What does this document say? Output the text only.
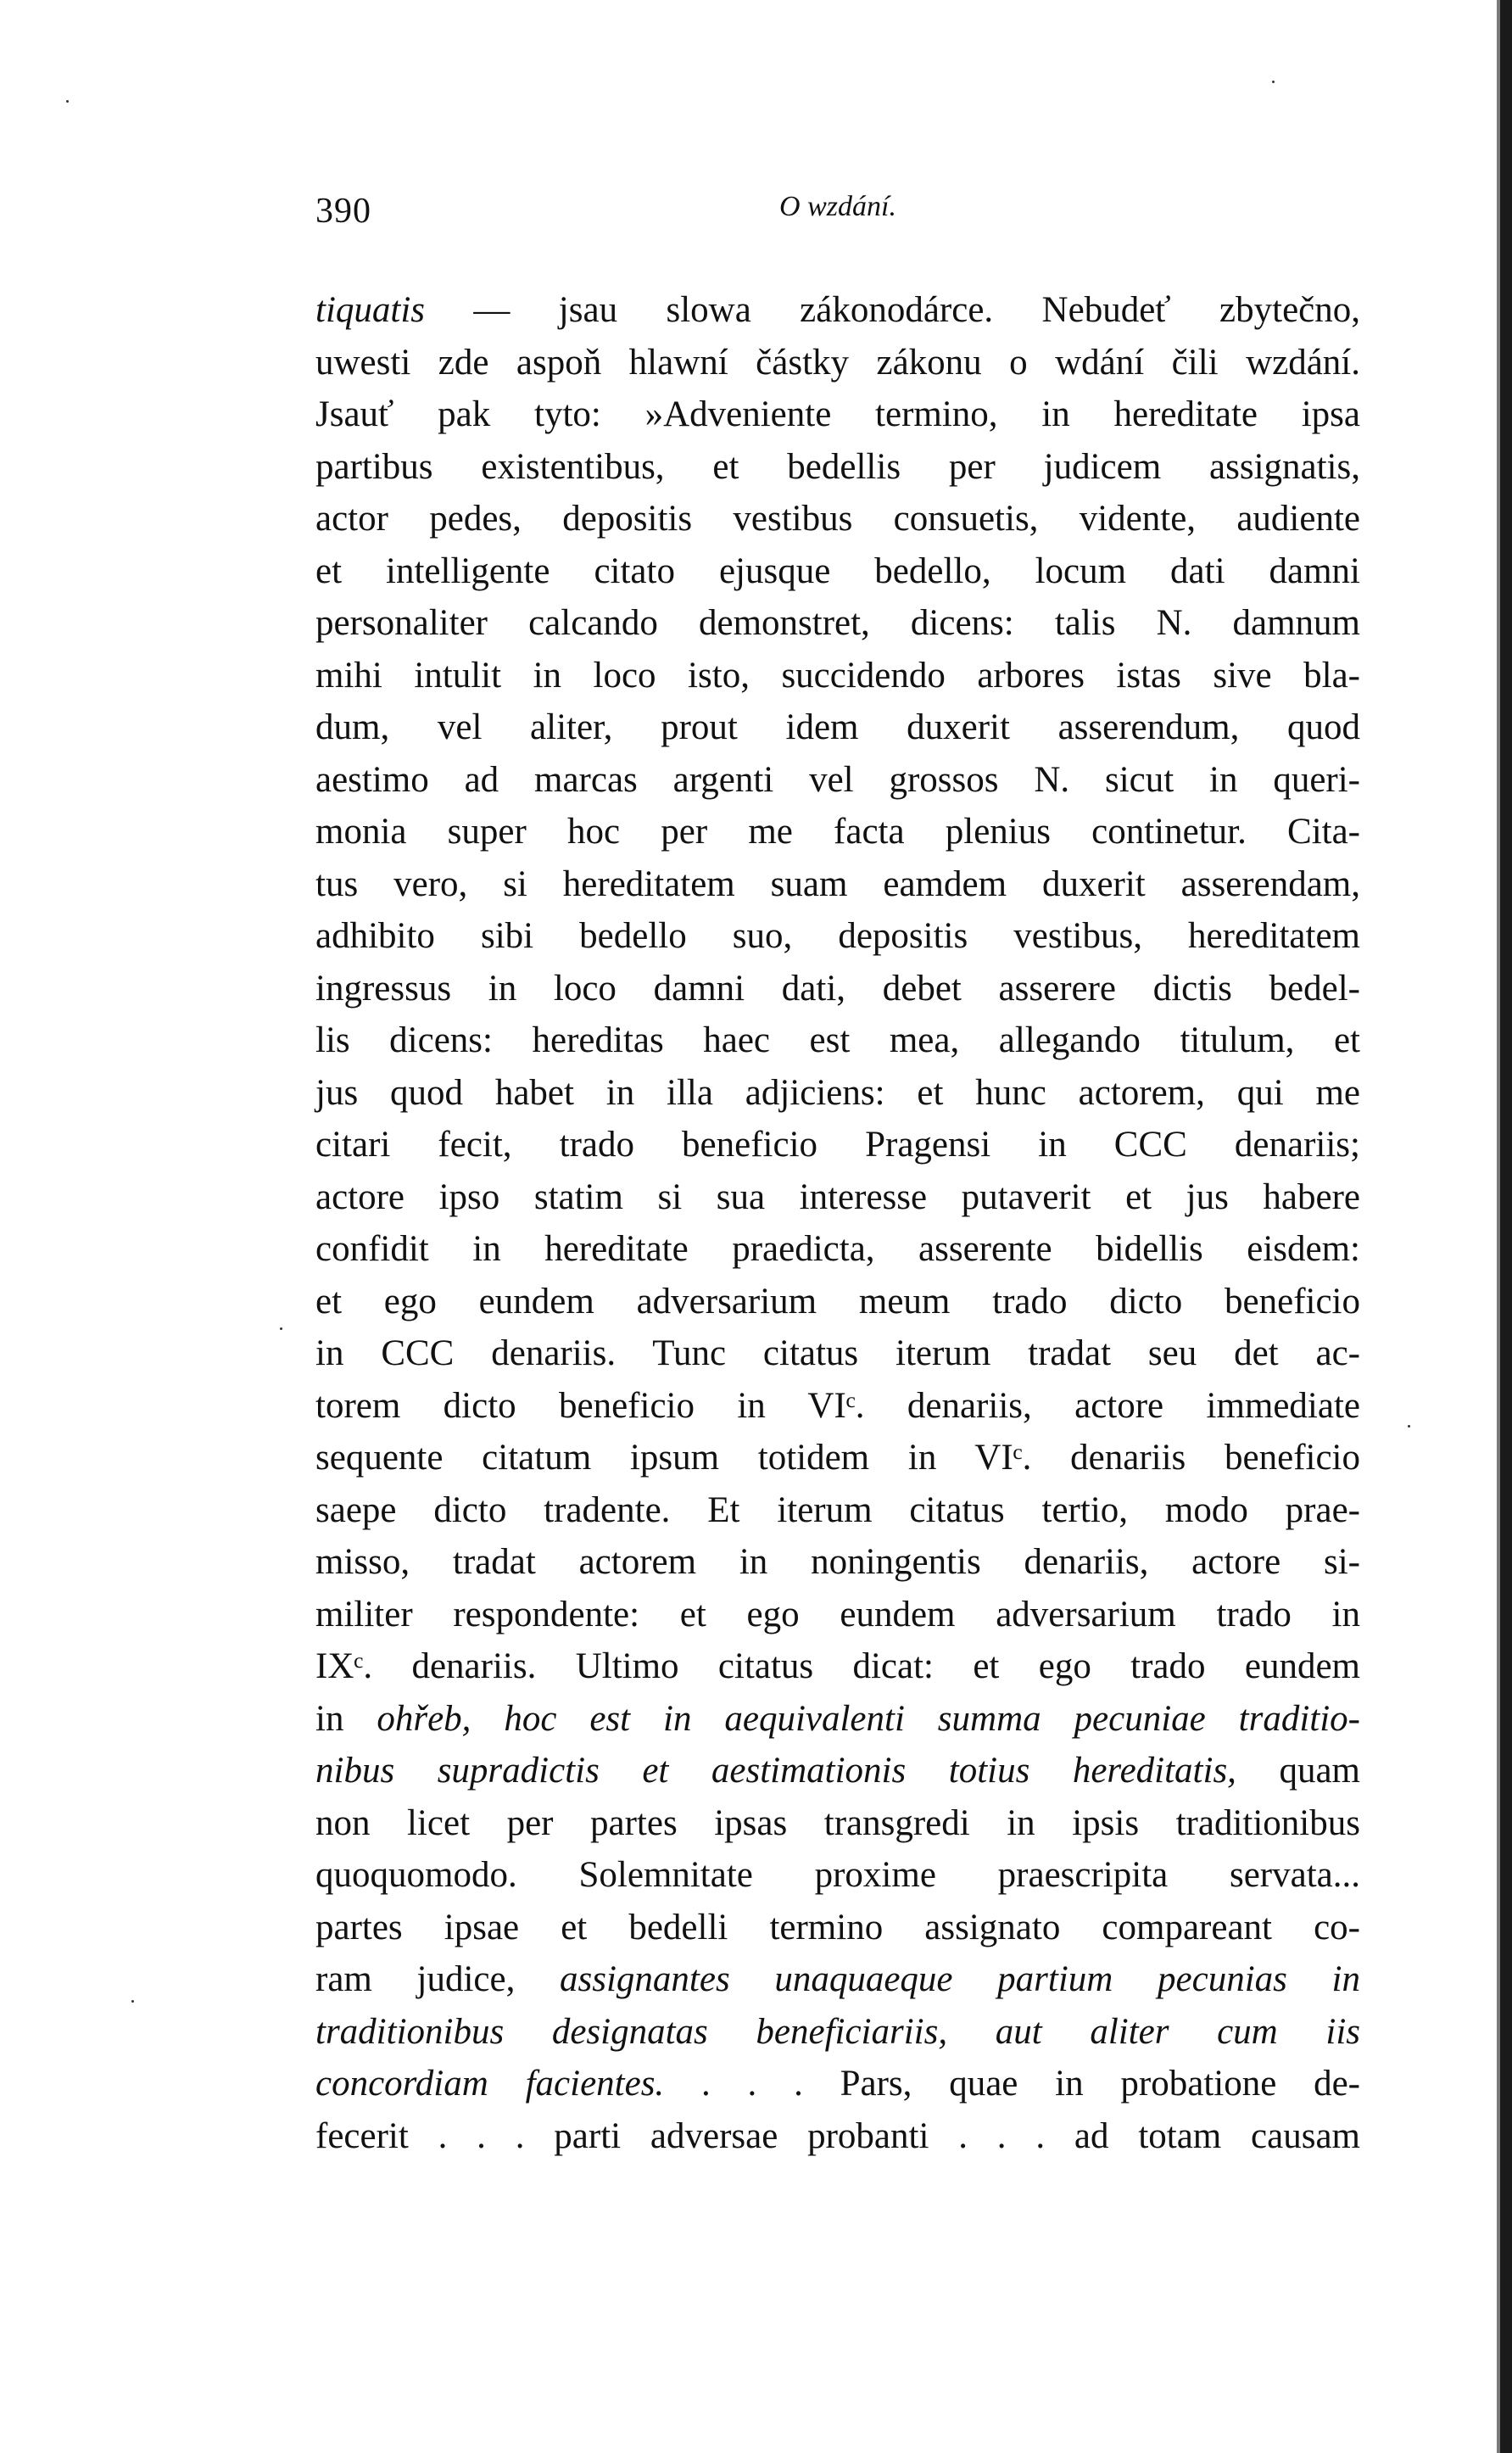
390	O wzdání.
tiquatis — jsau slowa zákonodárce. Nebudeť zbytečno,
uwesti zde aspoň hlawní částky zákonu o wdání čili wzdání.
Jsauť pak tyto: »Adveniente termino, in hereditate ipsa
partibus existentibus, et bedellis per judicem assignatis,
actor pedes, depositis vestibus consuetis, vidente, audiente
et intelligente citato ejusque bedello, locum dati damni
personaliter calcando demonstret, dicens: talis N. damnum
mihi intulit in loco isto, succidendo arbores istas sive bla-
dum, vel aliter, prout idem duxerit asserendum, quod
aestimo ad marcas argenti vel grossos N. sicut in queri-
monia super hoc per me facta plenius continetur. Cita-
tus vero, si hereditatem suam eamdem duxerit asserendam,
adhibito sibi bedello suo, depositis vestibus, hereditatem
ingressus in loco damni dati, debet asserere dictis bedel-
lis dicens: hereditas haec est mea, allegando titulum, et
jus quod habet in illa adjiciens: et hunc actorem, qui me
citari fecit, trado beneficio Pragensi in CCC denariis;
actore ipso statim si sua interesse putaverit et jus habere
confidit in hereditate praedicta, asserente bidellis eisdem:
et ego eundem adversarium meum trado dicto beneficio
in CCC denariis. Tunc citatus iterum tradat seu det ac-
torem dicto beneficio in VIᶜ. denariis, actore immediate
sequente citatum ipsum totidem in VIᶜ. denariis beneficio
saepe dicto tradente. Et iterum citatus tertio, modo prae-
misso, tradat actorem in noningentis denariis, actore si-
militer respondente: et ego eundem adversarium trado in
IXᶜ. denariis. Ultimo citatus dicat: et ego trado eundem
in ohřeb, hoc est in aequivalenti summa pecuniae traditio-
nibus supradictis et aestimationis totius hereditatis, quam
non licet per partes ipsas transgredi in ipsis traditionibus
quoquomodo. Solemnitate proxime praescripita servata...
partes ipsae et bedelli termino assignato compareant co-
ram judice, assignantes unaquaeque partium pecunias in
traditionibus designatas beneficiariis, aut aliter cum iis
concordiam facientes. . . . Pars, quae in probatione de-
fecerit . . . parti adversae probanti . . . ad totam causam
